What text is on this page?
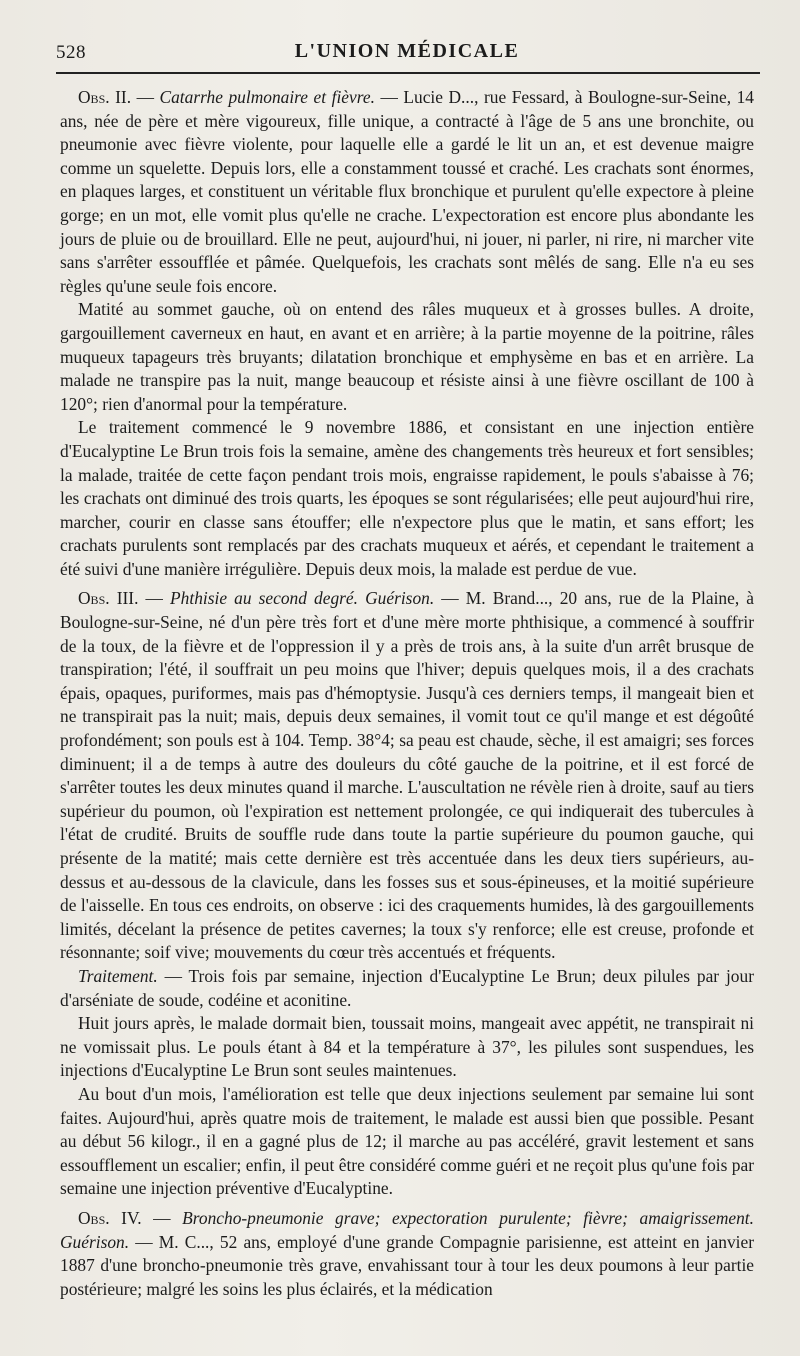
528	L'UNION MÉDICALE

Obs. II. — Catarrhe pulmonaire et fièvre. — Lucie D..., rue Fessard, à Boulogne-sur-Seine, 14 ans, née de père et mère vigoureux, fille unique, a contracté à l'âge de 5 ans une bronchite, ou pneumonie avec fièvre violente, pour laquelle elle a gardé le lit un an, et est devenue maigre comme un squelette. Depuis lors, elle a constamment toussé et craché. Les crachats sont énormes, en plaques larges, et constituent un véritable flux bronchique et purulent qu'elle expectore à pleine gorge; en un mot, elle vomit plus qu'elle ne crache. L'expectoration est encore plus abondante les jours de pluie ou de brouillard. Elle ne peut, aujourd'hui, ni jouer, ni parler, ni rire, ni marcher vite sans s'arrêter essoufflée et pâmée. Quelquefois, les crachats sont mêlés de sang. Elle n'a eu ses règles qu'une seule fois encore.

Matité au sommet gauche, où on entend des râles muqueux et à grosses bulles. A droite, gargouillement caverneux en haut, en avant et en arrière; à la partie moyenne de la poitrine, râles muqueux tapageurs très bruyants; dilatation bronchique et emphysème en bas et en arrière. La malade ne transpire pas la nuit, mange beaucoup et résiste ainsi à une fièvre oscillant de 100 à 120°; rien d'anormal pour la température.

Le traitement commencé le 9 novembre 1886, et consistant en une injection entière d'Eucalyptine Le Brun trois fois la semaine, amène des changements très heureux et fort sensibles; la malade, traitée de cette façon pendant trois mois, engraisse rapidement, le pouls s'abaisse à 76; les crachats ont diminué des trois quarts, les époques se sont régularisées; elle peut aujourd'hui rire, marcher, courir en classe sans étouffer; elle n'expectore plus que le matin, et sans effort; les crachats purulents sont remplacés par des crachats muqueux et aérés, et cependant le traitement a été suivi d'une manière irrégulière. Depuis deux mois, la malade est perdue de vue.

Obs. III. — Phthisie au second degré. Guérison. — M. Brand..., 20 ans, rue de la Plaine, à Boulogne-sur-Seine, né d'un père très fort et d'une mère morte phthisique, a commencé à souffrir de la toux, de la fièvre et de l'oppression il y a près de trois ans, à la suite d'un arrêt brusque de transpiration; l'été, il souffrait un peu moins que l'hiver; depuis quelques mois, il a des crachats épais, opaques, puriformes, mais pas d'hémoptysie. Jusqu'à ces derniers temps, il mangeait bien et ne transpirait pas la nuit; mais, depuis deux semaines, il vomit tout ce qu'il mange et est dégoûté profondément; son pouls est à 104. Temp. 38°4; sa peau est chaude, sèche, il est amaigri; ses forces diminuent; il a de temps à autre des douleurs du côté gauche de la poitrine, et il est forcé de s'arrêter toutes les deux minutes quand il marche. L'auscultation ne révèle rien à droite, sauf au tiers supérieur du poumon, où l'expiration est nettement prolongée, ce qui indiquerait des tubercules à l'état de crudité. Bruits de souffle rude dans toute la partie supérieure du poumon gauche, qui présente de la matité; mais cette dernière est très accentuée dans les deux tiers supérieurs, au-dessus et au-dessous de la clavicule, dans les fosses sus et sous-épineuses, et la moitié supérieure de l'aisselle. En tous ces endroits, on observe : ici des craquements humides, là des gargouillements limités, décelant la présence de petites cavernes; la toux s'y renforce; elle est creuse, profonde et résonnante; soif vive; mouvements du cœur très accentués et fréquents.

Traitement. — Trois fois par semaine, injection d'Eucalyptine Le Brun; deux pilules par jour d'arséniate de soude, codéine et aconitine.

Huit jours après, le malade dormait bien, toussait moins, mangeait avec appétit, ne transpirait ni ne vomissait plus. Le pouls étant à 84 et la température à 37°, les pilules sont suspendues, les injections d'Eucalyptine Le Brun sont seules maintenues.

Au bout d'un mois, l'amélioration est telle que deux injections seulement par semaine lui sont faites. Aujourd'hui, après quatre mois de traitement, le malade est aussi bien que possible. Pesant au début 56 kilogr., il en a gagné plus de 12; il marche au pas accéléré, gravit lestement et sans essoufflement un escalier; enfin, il peut être considéré comme guéri et ne reçoit plus qu'une fois par semaine une injection préventive d'Eucalyptine.

Obs. IV. — Broncho-pneumonie grave; expectoration purulente; fièvre; amaigrissement. Guérison. — M. C..., 52 ans, employé d'une grande Compagnie parisienne, est atteint en janvier 1887 d'une broncho-pneumonie très grave, envahissant tour à tour les deux poumons à leur partie postérieure; malgré les soins les plus éclairés, et la médication
